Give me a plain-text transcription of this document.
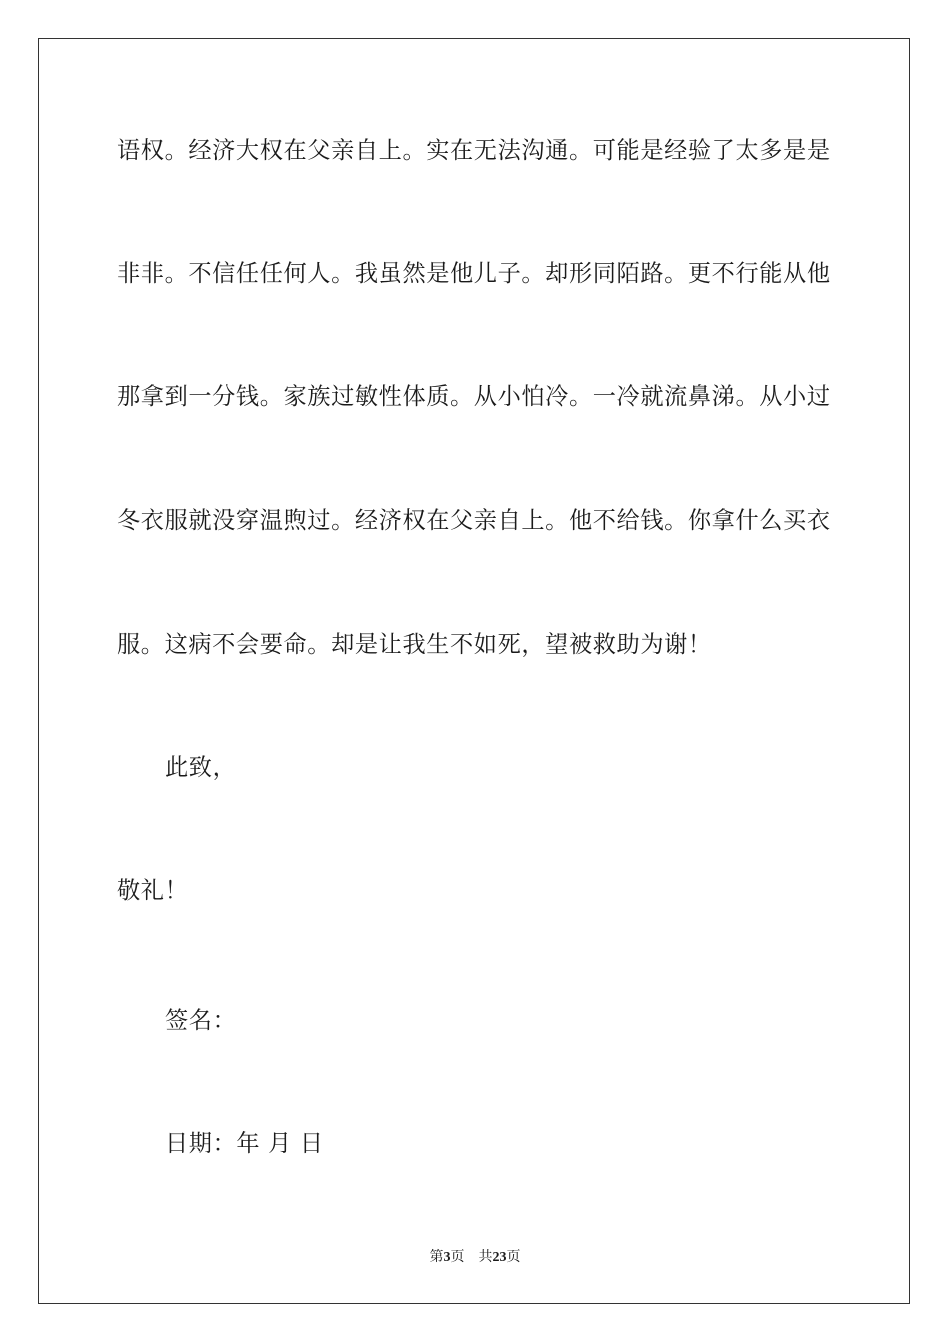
语权。经济大权在父亲自上。实在无法沟通。可能是经验了太多是是
非非。不信任任何人。我虽然是他儿子。却形同陌路。更不行能从他
那拿到一分钱。家族过敏性体质。从小怕冷。一冷就流鼻涕。从小过
冬衣服就没穿温煦过。经济权在父亲自上。他不给钱。你拿什么买衣
服。这病不会要命。却是让我生不如死，望被救助为谢！
此致，
敬礼！
签名：
日期：年 月 日
第3页 共23页
